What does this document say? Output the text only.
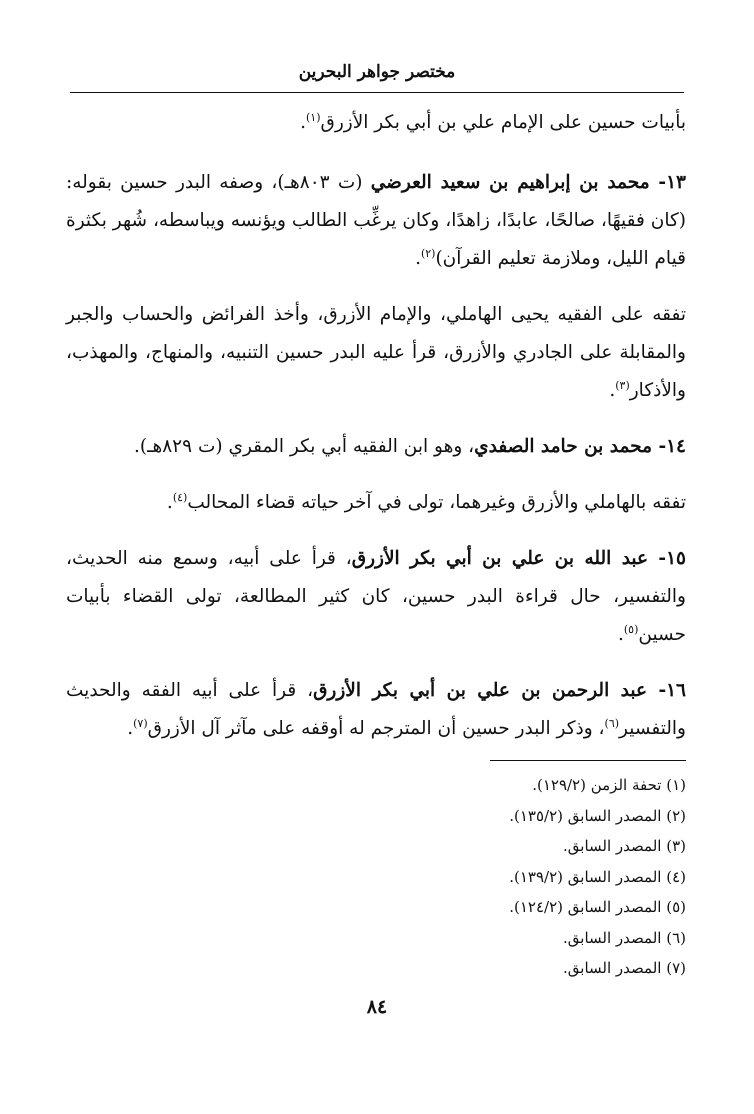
مختصر جواهر البحرين

بأبيات حسين على الإمام علي بن أبي بكر الأزرق$^{(١)}$.

١٣- محمد بن إبراهيم بن سعيد العرضي (ت ٨٠٣هـ)، وصفه البدر حسين بقوله: (كان فقيهًا، صالحًا، عابدًا، زاهدًا، وكان يرغِّب الطالب ويؤنسه ويباسطه، شُهر بكثرة قيام الليل، وملازمة تعليم القرآن)$^{(٢)}$.

تفقه على الفقيه يحيى الهاملي، والإمام الأزرق، وأخذ الفرائض والحساب والجبر والمقابلة على الجادري والأزرق، قرأ عليه البدر حسين التنبيه، والمنهاج، والمهذب، والأذكار$^{(٣)}$.

١٤- محمد بن حامد الصفدي، وهو ابن الفقيه أبي بكر المقري (ت ٨٢٩هـ).

تفقه بالهاملي والأزرق وغيرهما، تولى في آخر حياته قضاء المحالب$^{(٤)}$.

١٥- عبد الله بن علي بن أبي بكر الأزرق، قرأ على أبيه، وسمع منه الحديث، والتفسير، حال قراءة البدر حسين، كان كثير المطالعة، تولى القضاء بأبيات حسين$^{(٥)}$.

١٦- عبد الرحمن بن علي بن أبي بكر الأزرق، قرأ على أبيه الفقه والحديث والتفسير$^{(٦)}$، وذكر البدر حسين أن المترجم له أوقفه على مآثر آل الأزرق$^{(٧)}$.

(١) تحفة الزمن (١٢٩/٢).
(٢) المصدر السابق (١٣٥/٢).
(٣) المصدر السابق.
(٤) المصدر السابق (١٣٩/٢).
(٥) المصدر السابق (١٢٤/٢).
(٦) المصدر السابق.
(٧) المصدر السابق.
٨٤
